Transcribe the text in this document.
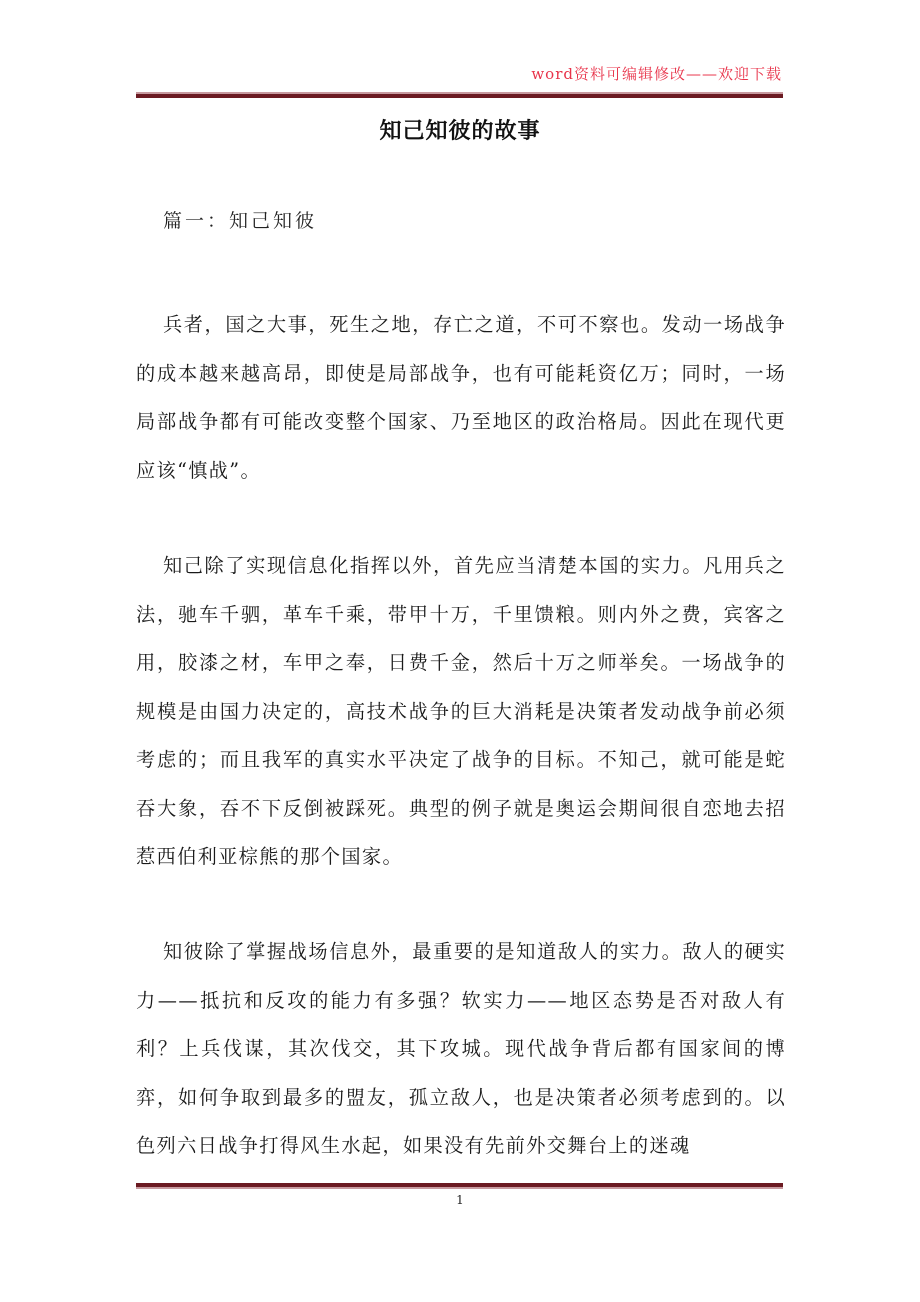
word资料可编辑修改——欢迎下载
知己知彼的故事
篇一：知己知彼

兵者，国之大事，死生之地，存亡之道，不可不察也。发动一场战争的成本越来越高昂，即使是局部战争，也有可能耗资亿万；同时，一场局部战争都有可能改变整个国家、乃至地区的政治格局。因此在现代更应该“慎战”。

知己除了实现信息化指挥以外，首先应当清楚本国的实力。凡用兵之法，驰车千驷，革车千乘，带甲十万，千里馈粮。则内外之费，宾客之用，胶漆之材，车甲之奉，日费千金，然后十万之师举矣。一场战争的规模是由国力决定的，高技术战争的巨大消耗是决策者发动战争前必须考虑的；而且我军的真实水平决定了战争的目标。不知己，就可能是蛇吞大象，吞不下反倒被踩死。典型的例子就是奥运会期间很自恋地去招惹西伯利亚棕熊的那个国家。

知彼除了掌握战场信息外，最重要的是知道敌人的实力。敌人的硬实力——抵抗和反攻的能力有多强？软实力——地区态势是否对敌人有利？上兵伐谋，其次伐交，其下攻城。现代战争背后都有国家间的博弈，如何争取到最多的盟友，孤立敌人，也是决策者必须考虑到的。以色列六日战争打得风生水起，如果没有先前外交舞台上的迷魂

1
